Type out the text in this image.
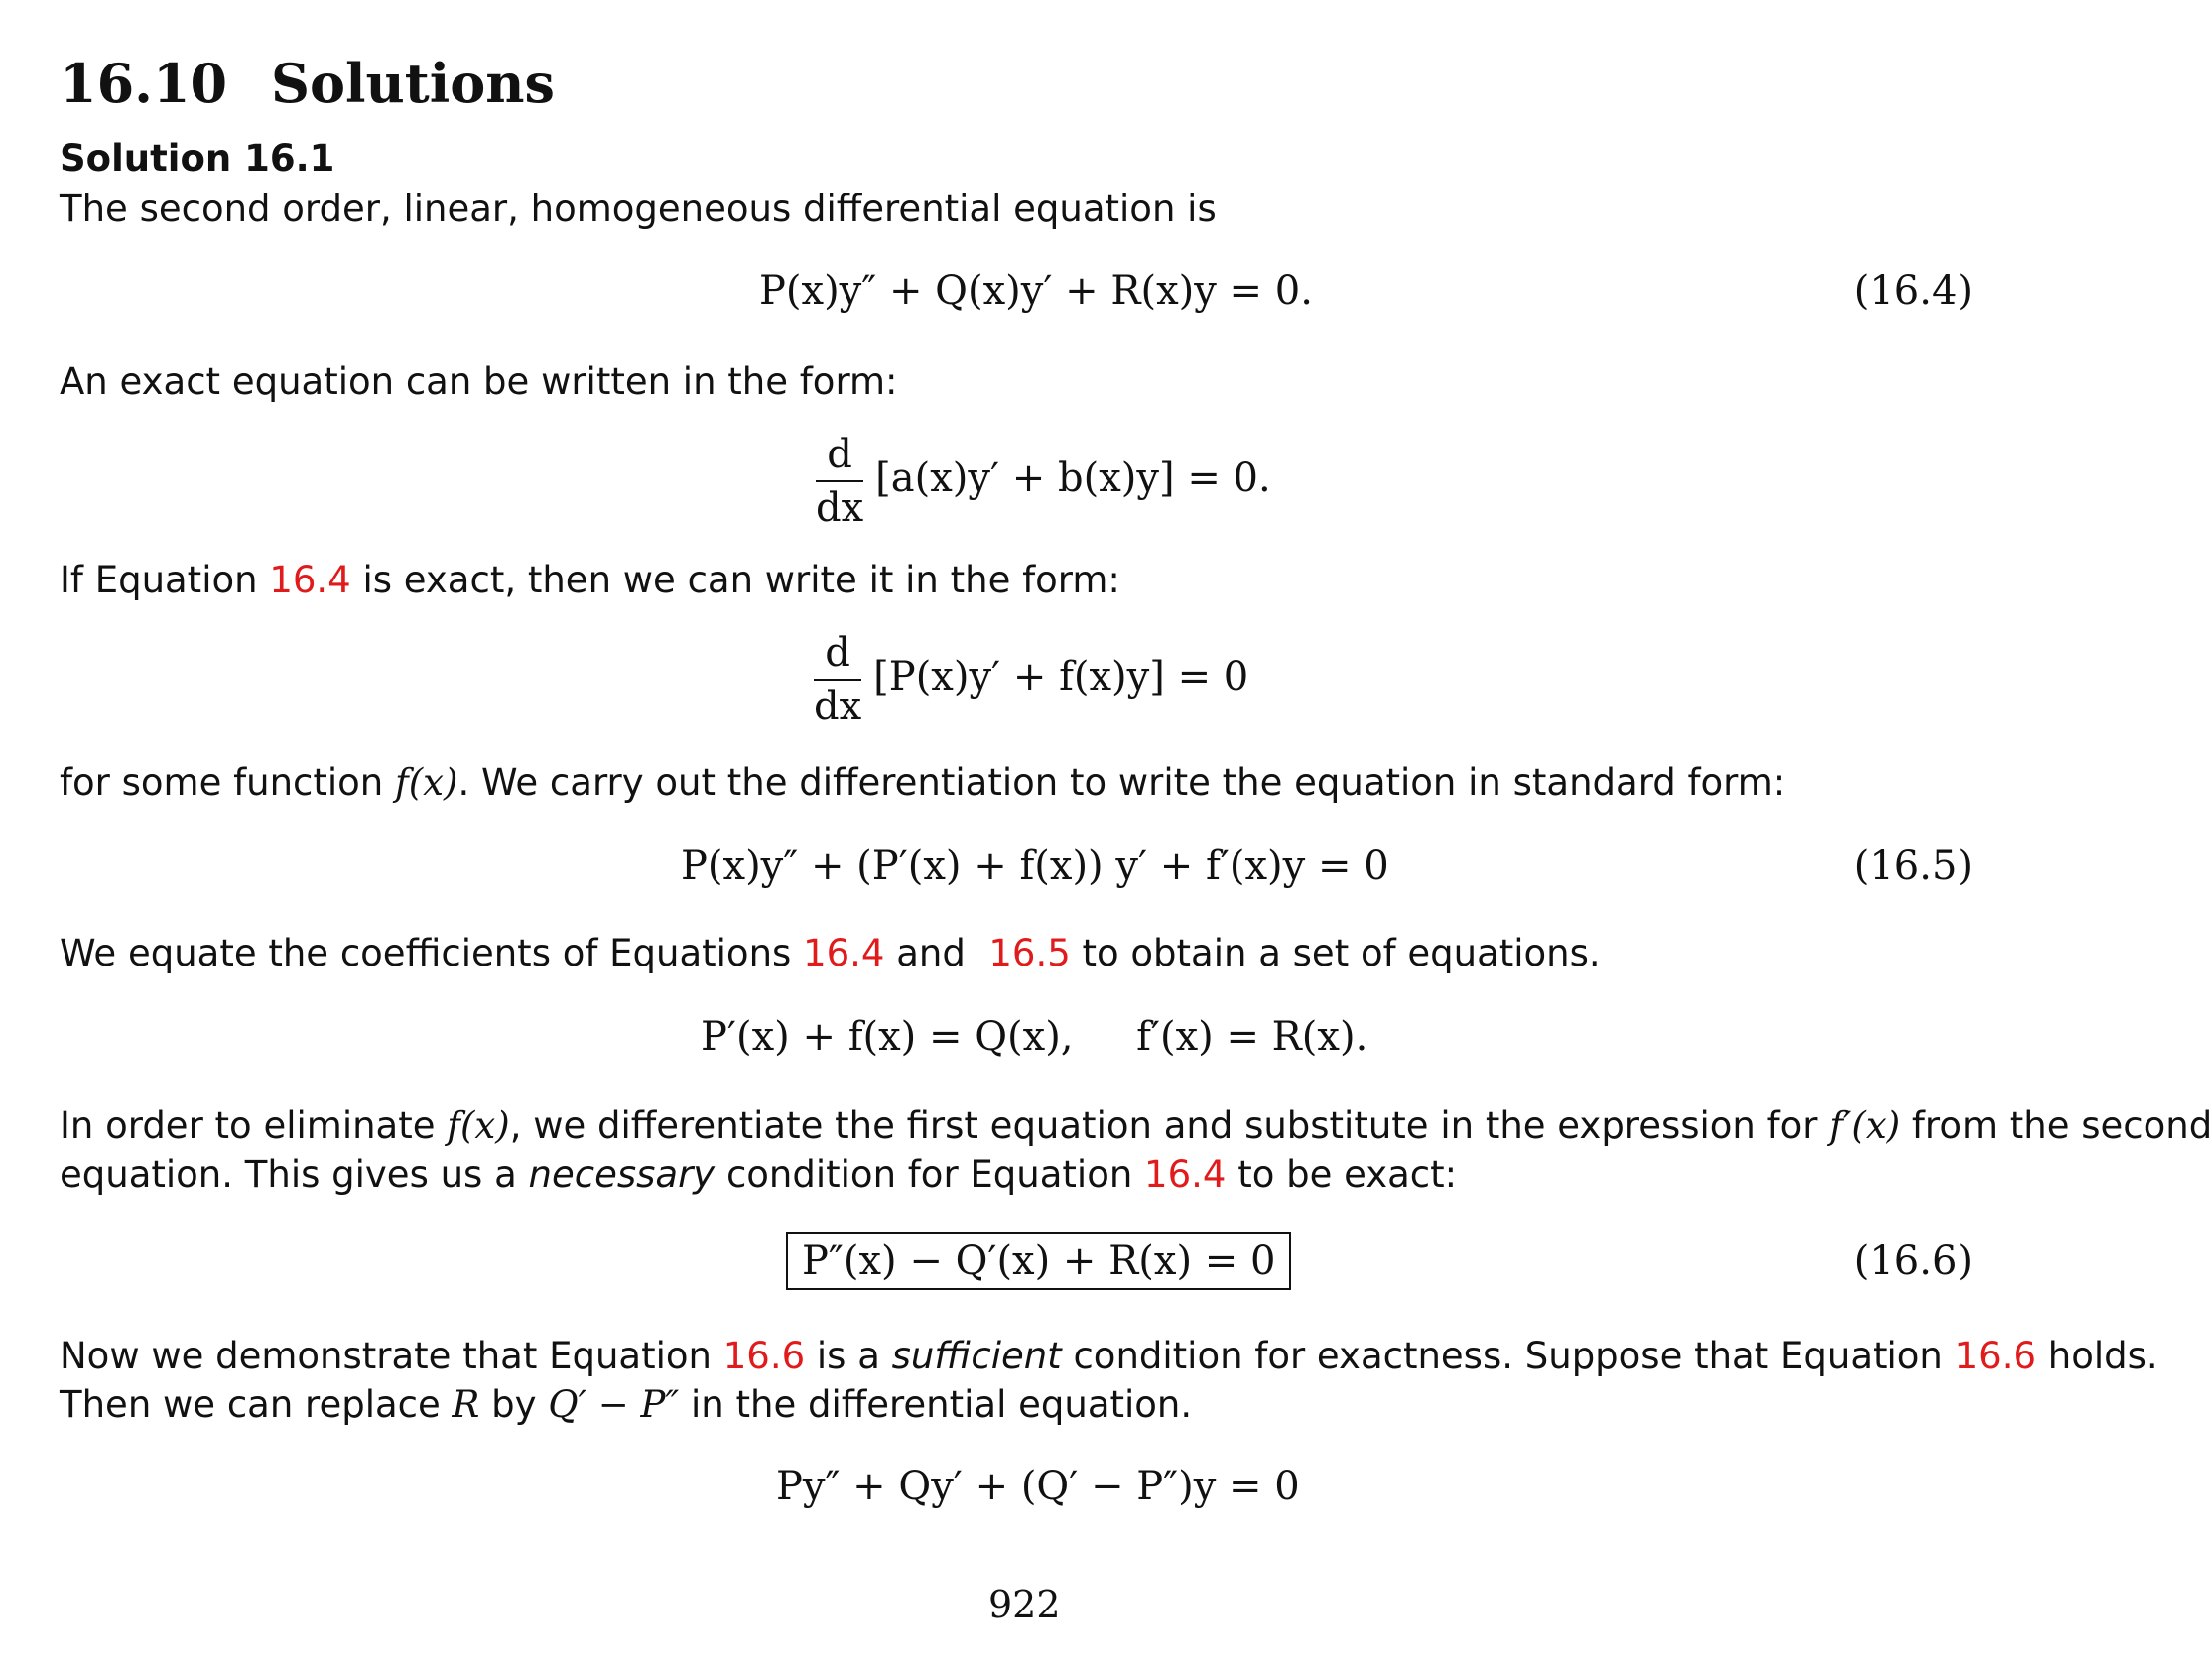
16.10 Solutions
Solution 16.1
The second order, linear, homogeneous differential equation is
P(x)y″ + Q(x)y′ + R(x)y = 0.	(16.4)
An exact equation can be written in the form:
$\frac{d}{dx} [a(x)y' + b(x)y] = 0$.
If Equation 16.4 is exact, then we can write it in the form:
$\frac{d}{dx} [P(x)y' + f(x)y] = 0$
for some function f(x). We carry out the differentiation to write the equation in standard form:
P(x)y″ + (P′(x) + f(x)) y′ + f′(x)y = 0	(16.5)
We equate the coefficients of Equations 16.4 and  16.5 to obtain a set of equations.
P′(x) + f(x) = Q(x),     f′(x) = R(x).
In order to eliminate f(x), we differentiate the first equation and substitute in the expression for f′(x) from the second
equation. This gives us a necessary condition for Equation 16.4 to be exact:
P″(x) − Q′(x) + R(x) = 0	(16.6)
Now we demonstrate that Equation 16.6 is a sufficient condition for exactness. Suppose that Equation 16.6 holds.
Then we can replace R by Q′ − P″ in the differential equation.
Py″ + Qy′ + (Q′ − P″)y = 0
922
